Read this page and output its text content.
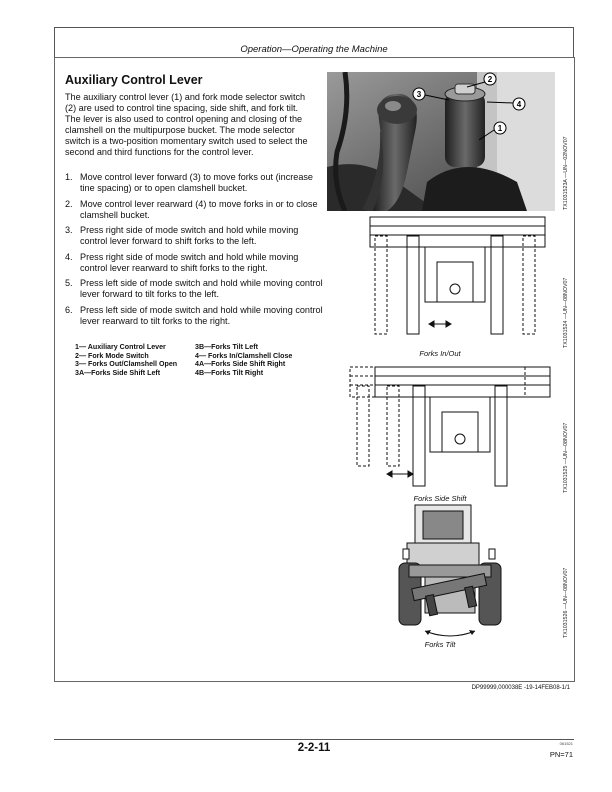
Operation—Operating the Machine
Auxiliary Control Lever

The auxiliary control lever (1) and fork mode selector switch (2) are used to control tine spacing, side shift, and fork tilt. The lever is also used to control opening and closing of the clamshell on the multipurpose bucket. The mode selector switch is a two-position momentary switch used to select the second and third functions for the control lever.

1. Move control lever forward (3) to move forks out (increase tine spacing) or to open clamshell bucket.
2. Move control lever rearward (4) to move forks in or to close clamshell bucket.
3. Press right side of mode switch and hold while moving control lever forward to shift forks to the left.
4. Press right side of mode switch and hold while moving control lever rearward to shift forks to the right.
5. Press left side of mode switch and hold while moving control lever forward to tilt forks to the left.
6. Press left side of mode switch and hold while moving control lever rearward to tilt forks to the right.
1— Auxiliary Control Lever
2— Fork Mode Switch
3— Forks Out/Clamshell Open
3A—Forks Side Shift Left
3B—Forks Tilt Left
4— Forks In/Clamshell Close
4A—Forks Side Shift Right
4B—Forks Tilt Right
2
3
4
1
TX1031523A —UN—02NOV07
Forks In/Out
TX1031524 —UN—08NOV07
Forks Side Shift
TX1031525 —UN—08NOV07
Forks Tilt
TX1031526 —UN—08NOV07
DP99999,000038E -19-14FEB08-1/1
2-2-11	061521
PN=71
